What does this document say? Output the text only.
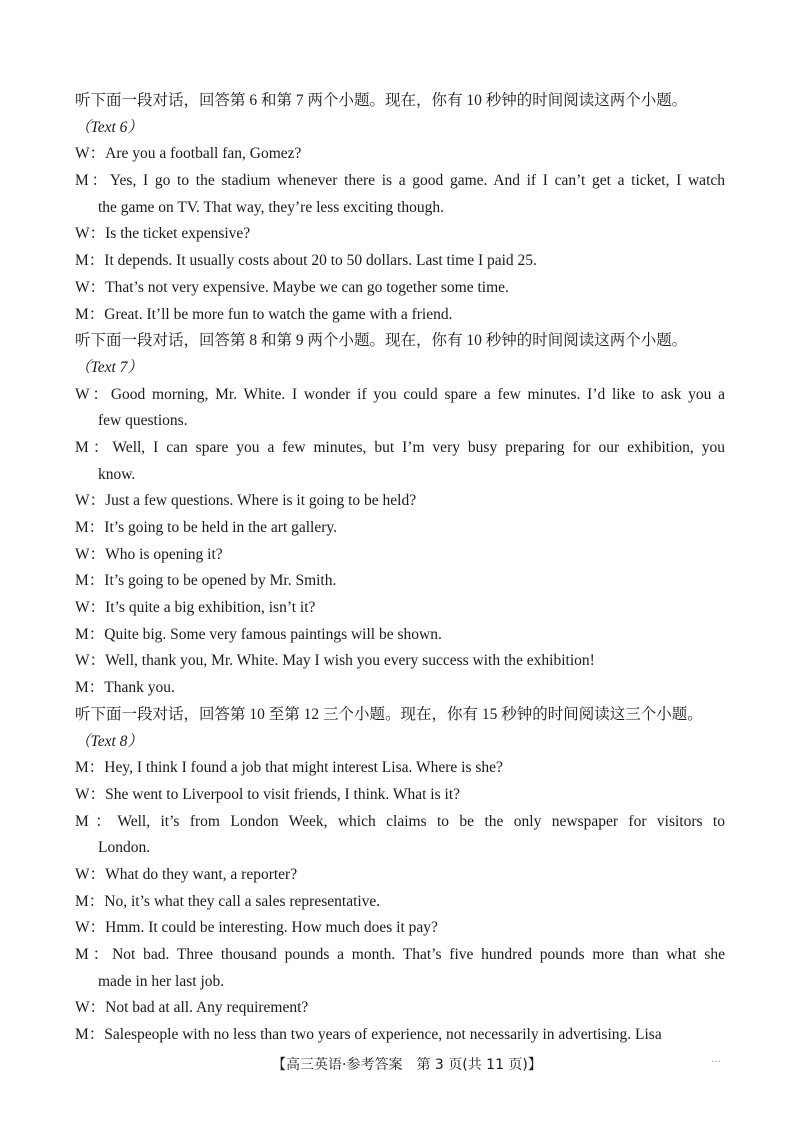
听下面一段对话，回答第 6 和第 7 两个小题。现在，你有 10 秒钟的时间阅读这两个小题。
（Text 6）
W：Are you a football fan, Gomez?
M：Yes, I go to the stadium whenever there is a good game. And if I can’t get a ticket, I watch
the game on TV. That way, they’re less exciting though.
W：Is the ticket expensive?
M：It depends. It usually costs about 20 to 50 dollars. Last time I paid 25.
W：That’s not very expensive. Maybe we can go together some time.
M：Great. It’ll be more fun to watch the game with a friend.
听下面一段对话，回答第 8 和第 9 两个小题。现在，你有 10 秒钟的时间阅读这两个小题。
（Text 7）
W：Good morning, Mr. White. I wonder if you could spare a few minutes. I’d like to ask you a
few questions.
M：Well, I can spare you a few minutes, but I’m very busy preparing for our exhibition, you
know.
W：Just a few questions. Where is it going to be held?
M：It’s going to be held in the art gallery.
W：Who is opening it?
M：It’s going to be opened by Mr. Smith.
W：It’s quite a big exhibition, isn’t it?
M：Quite big. Some very famous paintings will be shown.
W：Well, thank you, Mr. White. May I wish you every success with the exhibition!
M：Thank you.
听下面一段对话，回答第 10 至第 12 三个小题。现在，你有 15 秒钟的时间阅读这三个小题。
（Text 8）
M：Hey, I think I found a job that might interest Lisa. Where is she?
W：She went to Liverpool to visit friends, I think. What is it?
M：Well, it’s from London Week, which claims to be the only newspaper for visitors to
London.
W：What do they want, a reporter?
M：No, it’s what they call a sales representative.
W：Hmm. It could be interesting. How much does it pay?
M：Not bad. Three thousand pounds a month. That’s five hundred pounds more than what she
made in her last job.
W：Not bad at all. Any requirement?
M：Salespeople with no less than two years of experience, not necessarily in advertising. Lisa
【高三英语·参考答案　第 3 页(共 11 页)】	…
